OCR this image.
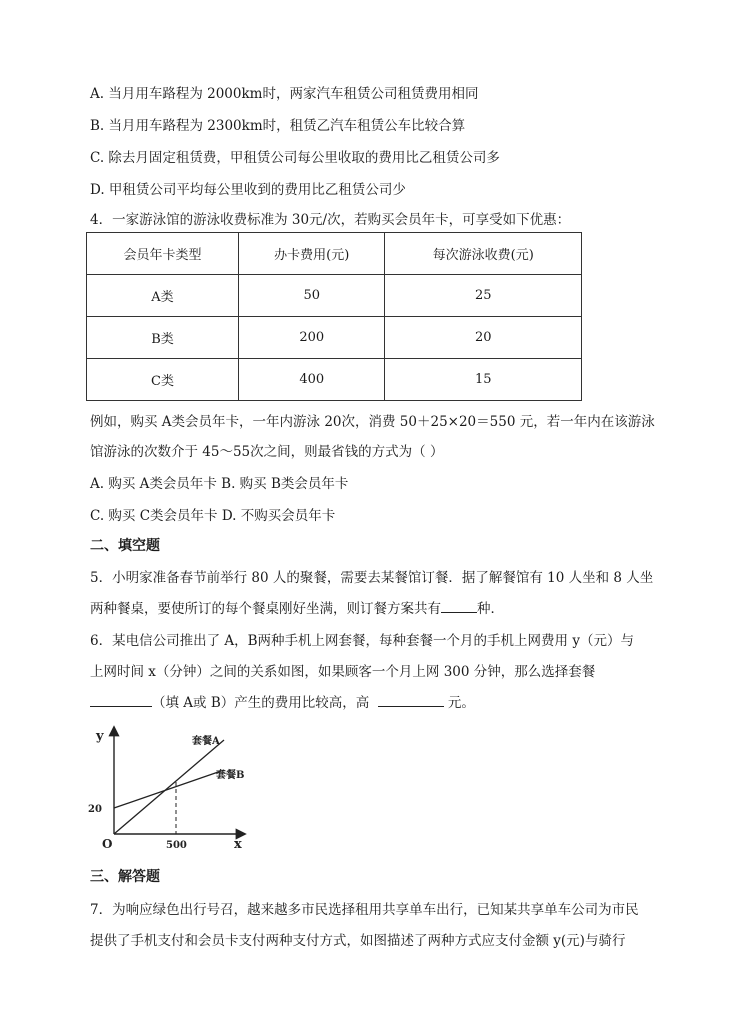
A. 当月用车路程为 2000km时，两家汽车租赁公司租赁费用相同
B. 当月用车路程为 2300km时，租赁乙汽车租赁公车比较合算
C. 除去月固定租赁费，甲租赁公司每公里收取的费用比乙租赁公司多
D. 甲租赁公司平均每公里收到的费用比乙租赁公司少
4．一家游泳馆的游泳收费标准为 30元/次，若购买会员年卡，可享受如下优惠：
会员年卡类型	办卡费用(元)	每次游泳收费(元)
A类	50	25
B类	200	20
C类	400	15
例如，购买 A类会员年卡，一年内游泳 20次，消费 50＋25×20＝550 元，若一年内在该游泳
馆游泳的次数介于 45～55次之间，则最省钱的方式为（ ）
A. 购买 A类会员年卡 B. 购买 B类会员年卡
C. 购买 C类会员年卡 D. 不购买会员年卡
二、填空题
5．小明家准备春节前举行 80 人的聚餐，需要去某餐馆订餐．据了解餐馆有 10 人坐和 8 人坐
两种餐桌，要使所订的每个餐桌刚好坐满，则订餐方案共有	种．
6．某电信公司推出了 A，B两种手机上网套餐，每种套餐一个月的手机上网费用 y（元）与
上网时间 x（分钟）之间的关系如图，如果顾客一个月上网 300 分钟，那么选择套餐
（填 A或 B）产生的费用比较高，高	元。
y
x
O
20
500
套餐A
套餐B
三、解答题
7．为响应绿色出行号召，越来越多市民选择租用共享单车出行，已知某共享单车公司为市民
提供了手机支付和会员卡支付两种支付方式，如图描述了两种方式应支付金额 y(元)与骑行
